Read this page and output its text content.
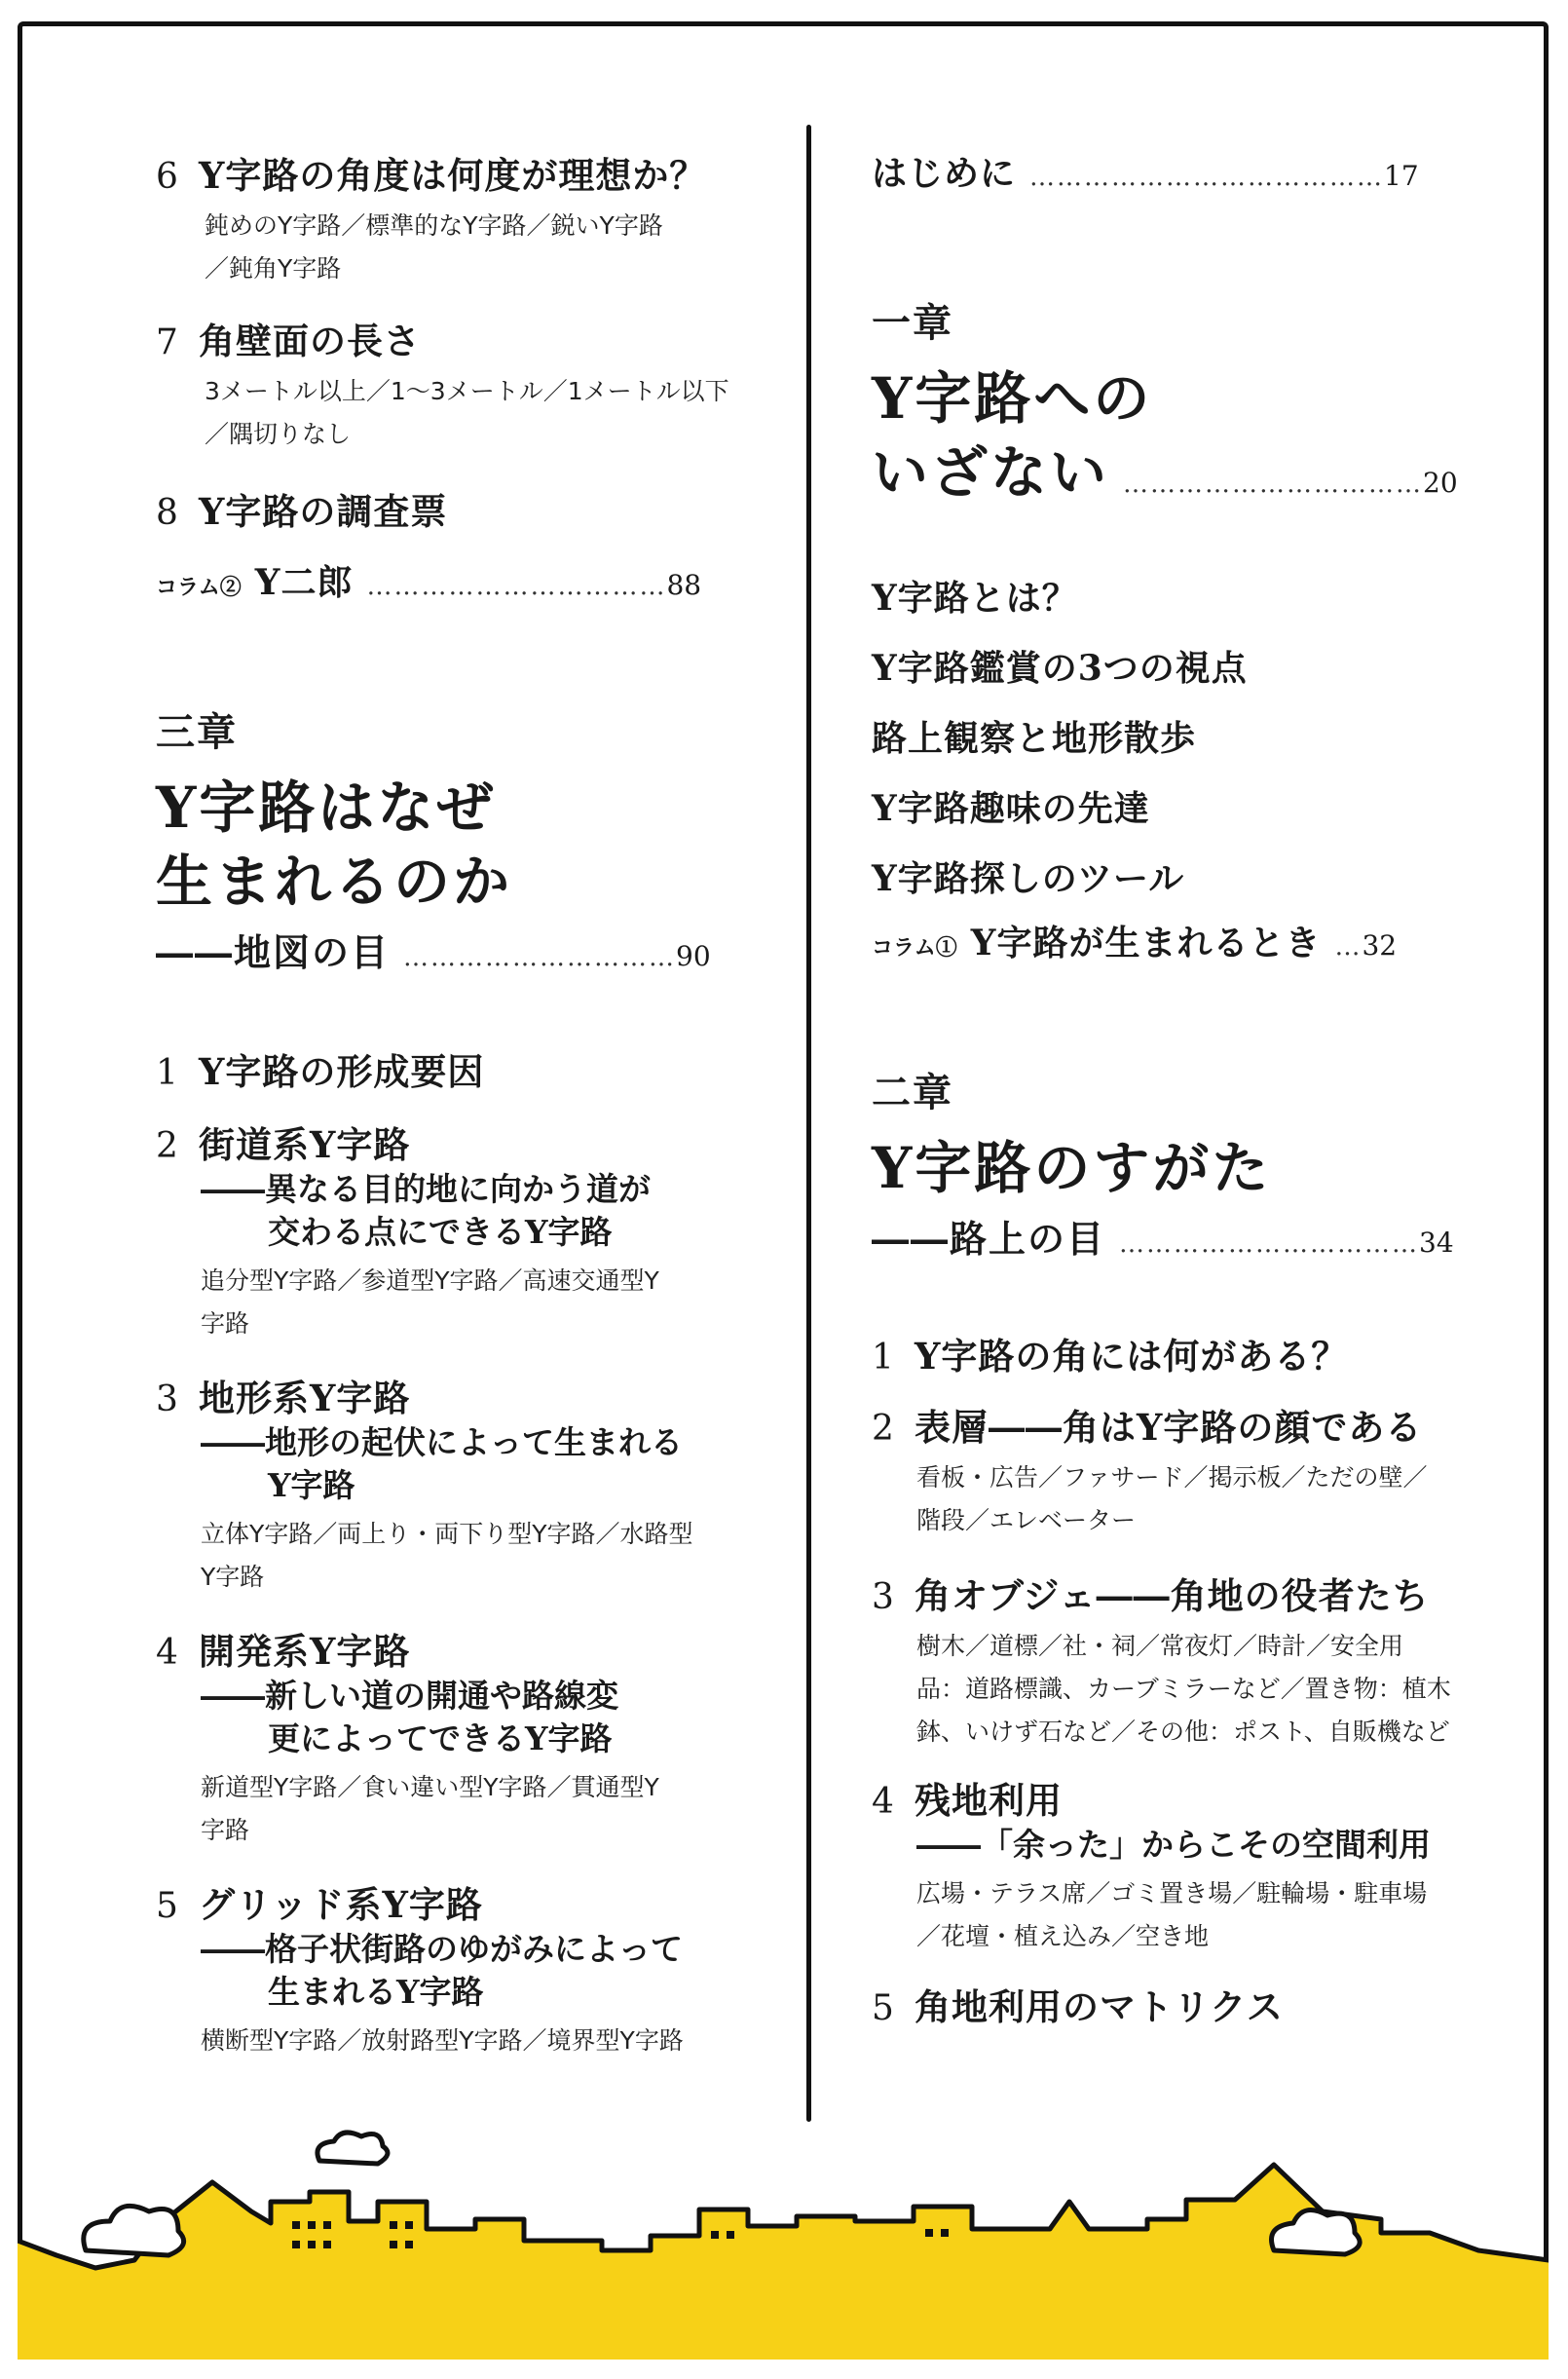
6 Y字路の角度は何度が理想か？
鈍めのY字路／標準的なY字路／鋭いY字路
／鈍角Y字路
7 角壁面の長さ
3メートル以上／1〜3メートル／1メートル以下
／隅切りなし
8 Y字路の調査票
コラム② Y二郎 …………………………… 88
三章
Y字路はなぜ
生まれるのか
――地図の目 ………………………… 90
1 Y字路の形成要因
2 街道系Y字路
――異なる目的地に向かう道が
交わる点にできるY字路
追分型Y字路／参道型Y字路／高速交通型Y
字路
3 地形系Y字路
――地形の起伏によって生まれる
Y字路
立体Y字路／両上り・両下り型Y字路／水路型
Y字路
4 開発系Y字路
――新しい道の開通や路線変
更によってできるY字路
新道型Y字路／食い違い型Y字路／貫通型Y
字路
5 グリッド系Y字路
――格子状街路のゆがみによって
生まれるY字路
横断型Y字路／放射路型Y字路／境界型Y字路
はじめに ………………………………… 17
一章
Y字路への
いざない …………………………… 20
Y字路とは？
Y字路鑑賞の3つの視点
路上観察と地形散歩
Y字路趣味の先達
Y字路探しのツール
コラム① Y字路が生まれるとき … 32
二章
Y字路のすがた
――路上の目 …………………………… 34
1 Y字路の角には何がある？
2 表層――角はY字路の顔である
看板・広告／ファサード／掲示板／ただの壁／
階段／エレベーター
3 角オブジェ――角地の役者たち
樹木／道標／社・祠／常夜灯／時計／安全用
品：道路標識、カーブミラーなど／置き物：植木
鉢、いけず石など／その他：ポスト、自販機など
4 残地利用
――「余った」からこその空間利用
広場・テラス席／ゴミ置き場／駐輪場・駐車場
／花壇・植え込み／空き地
5 角地利用のマトリクス
